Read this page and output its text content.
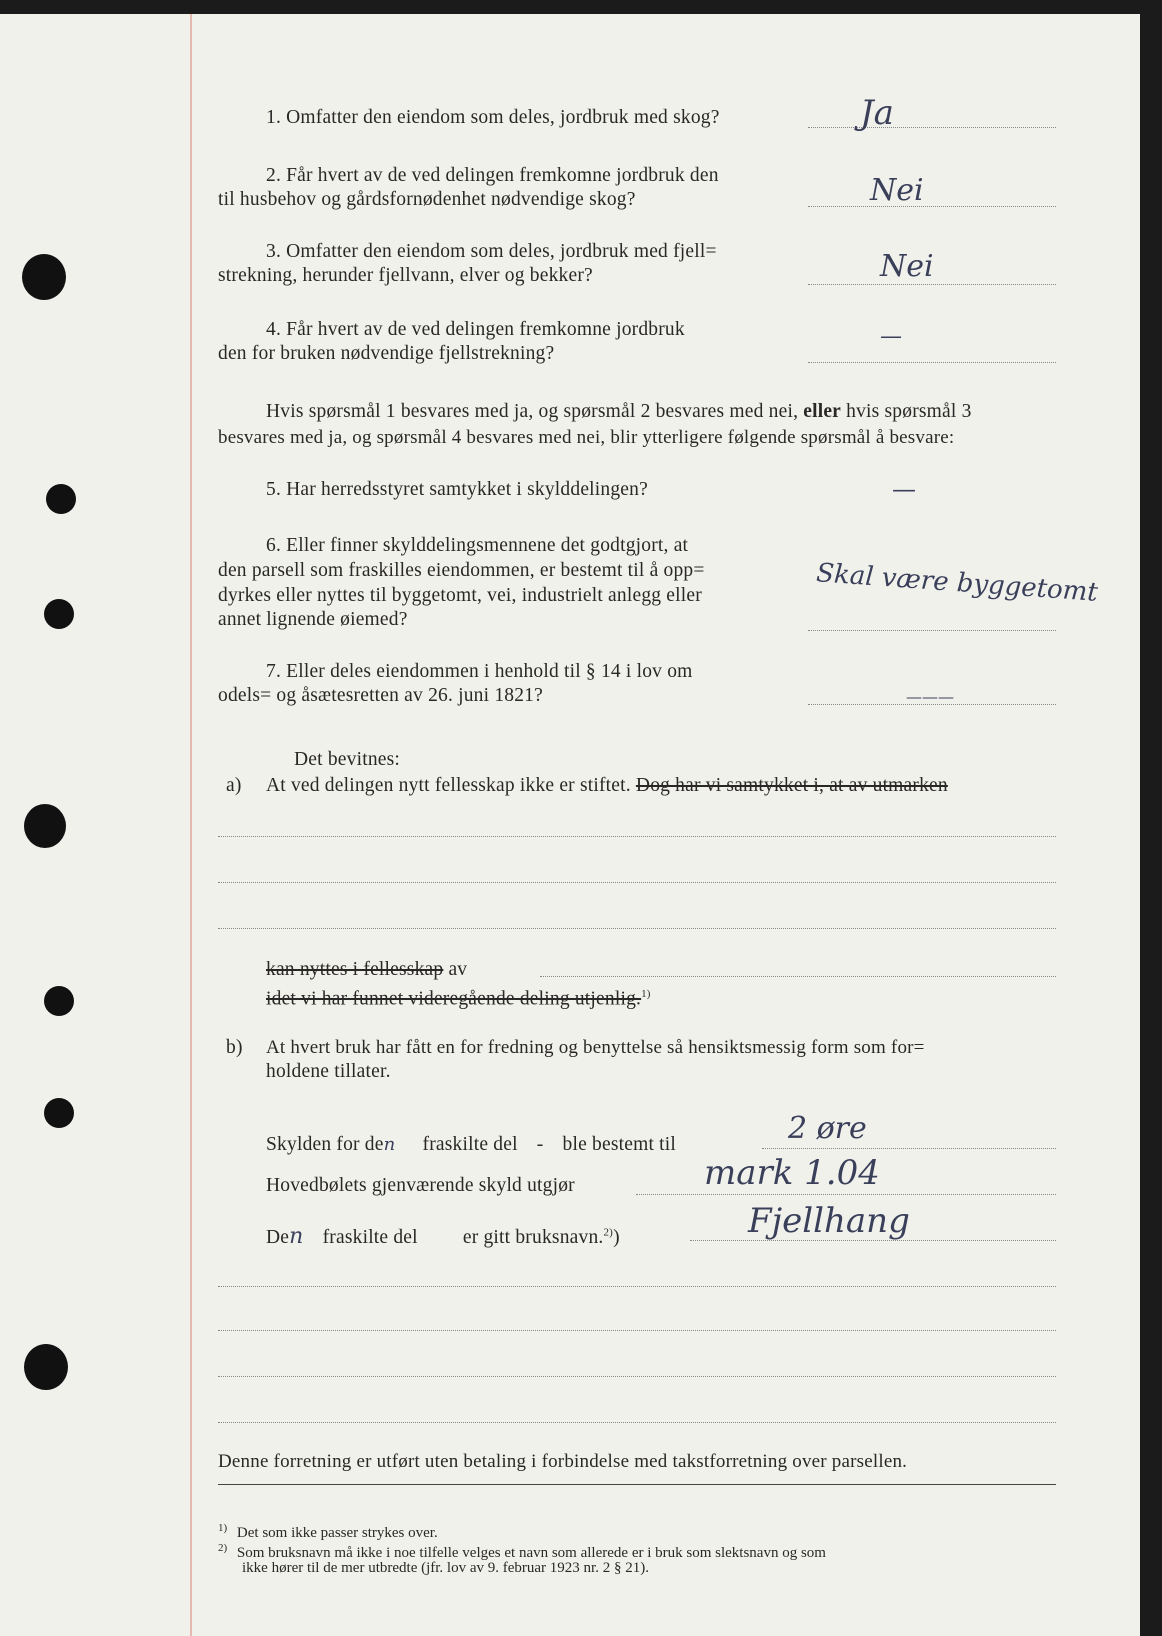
1. Omfatter den eiendom som deles, jordbruk med skog?	Ja
2. Får hvert av de ved delingen fremkomne jordbruk den
til husbehov og gårdsfornødenhet nødvendige skog?	Nei
3. Omfatter den eiendom som deles, jordbruk med fjell=
strekning, herunder fjellvann, elver og bekker?	Nei
4. Får hvert av de ved delingen fremkomne jordbruk
den for bruken nødvendige fjellstrekning?
—
Hvis spørsmål 1 besvares med ja, og spørsmål 2 besvares med nei, eller hvis spørsmål 3
besvares med ja, og spørsmål 4 besvares med nei, blir ytterligere følgende spørsmål å besvare:
5. Har herredsstyret samtykket i skylddelingen?	—
6. Eller finner skylddelingsmennene det godtgjort, at
den parsell som fraskilles eiendommen, er bestemt til å opp=
dyrkes eller nyttes til byggetomt, vei, industrielt anlegg eller
annet lignende øiemed?
Skal være byggetomt
7. Eller deles eiendommen i henhold til § 14 i lov om
odels= og åsætesretten av 26. juni 1821?	———
Det bevitnes:
a) At ved delingen nytt fellesskap ikke er stiftet. Dog har vi samtykket i, at av utmarken
kan nyttes i fellesskap av
idet vi har funnet videregående deling utjenlig.$^{1)}$
b) At hvert bruk har fått en for fredning og benyttelse så hensiktsmessig form som for=
holdene tillater.
Skylden for den fraskilte del - ble bestemt til	2 øre
Hovedbølets gjenværende skyld utgjør	mark 1.04
Den fraskilte del er gitt bruksnavn.$^{2)}$)	Fjellhang
Denne forretning er utført uten betaling i forbindelse med takstforretning over parsellen.
$^{1)}$ Det som ikke passer strykes over.
$^{2)}$ Som bruksnavn må ikke i noe tilfelle velges et navn som allerede er i bruk som slektsnavn og som
ikke hører til de mer utbredte (jfr. lov av 9. februar 1923 nr. 2 § 21).
